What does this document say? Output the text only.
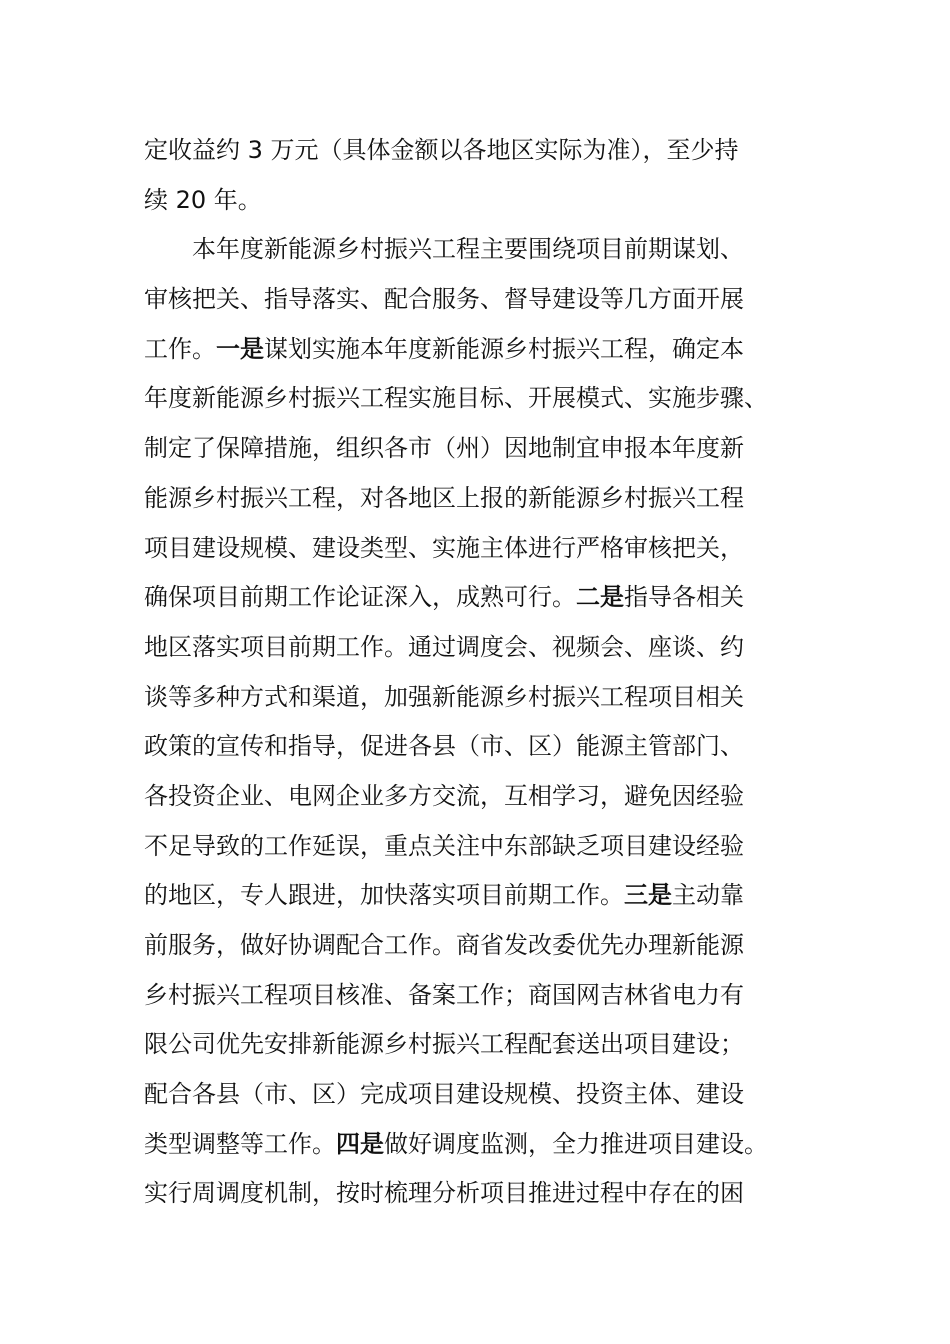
定收益约 3 万元（具体金额以各地区实际为准），至少持
续 20 年。
本年度新能源乡村振兴工程主要围绕项目前期谋划、
审核把关、指导落实、配合服务、督导建设等几方面开展
工作。一是谋划实施本年度新能源乡村振兴工程，确定本
年度新能源乡村振兴工程实施目标、开展模式、实施步骤、
制定了保障措施，组织各市（州）因地制宜申报本年度新
能源乡村振兴工程，对各地区上报的新能源乡村振兴工程
项目建设规模、建设类型、实施主体进行严格审核把关，
确保项目前期工作论证深入，成熟可行。二是指导各相关
地区落实项目前期工作。通过调度会、视频会、座谈、约
谈等多种方式和渠道，加强新能源乡村振兴工程项目相关
政策的宣传和指导，促进各县（市、区）能源主管部门、
各投资企业、电网企业多方交流，互相学习，避免因经验
不足导致的工作延误，重点关注中东部缺乏项目建设经验
的地区，专人跟进，加快落实项目前期工作。三是主动靠
前服务，做好协调配合工作。商省发改委优先办理新能源
乡村振兴工程项目核准、备案工作；商国网吉林省电力有
限公司优先安排新能源乡村振兴工程配套送出项目建设；
配合各县（市、区）完成项目建设规模、投资主体、建设
类型调整等工作。四是做好调度监测，全力推进项目建设。
实行周调度机制，按时梳理分析项目推进过程中存在的困
